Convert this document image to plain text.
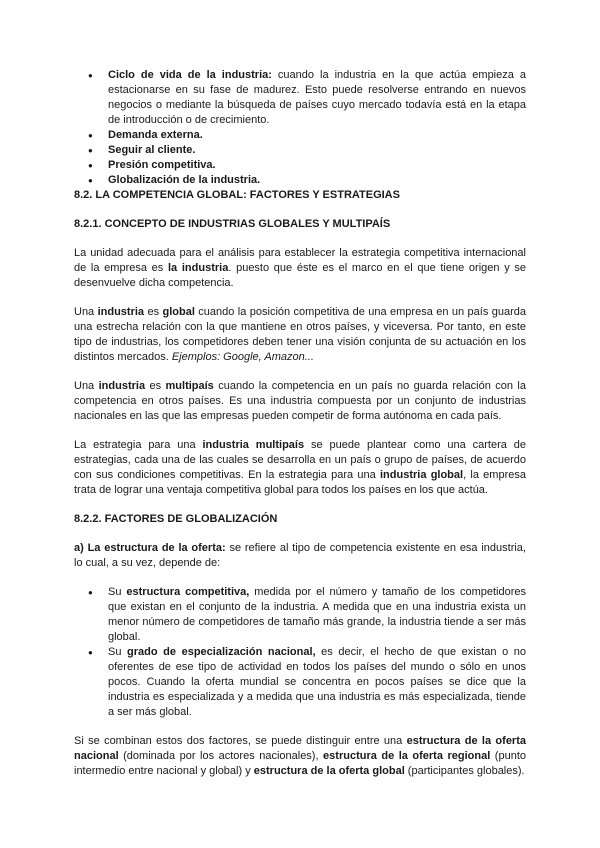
● Ciclo de vida de la industria: cuando la industria en la que actúa empieza a estacionarse en su fase de madurez. Esto puede resolverse entrando en nuevos negocios o mediante la búsqueda de países cuyo mercado todavía está en la etapa de introducción o de crecimiento.
● Demanda externa.
● Seguir al cliente.
● Presión competitiva.
● Globalización de la industria.
8.2. LA COMPETENCIA GLOBAL: FACTORES Y ESTRATEGIAS
8.2.1. CONCEPTO DE INDUSTRIAS GLOBALES Y MULTIPAÍS

La unidad adecuada para el análisis para establecer la estrategia competitiva internacional de la empresa es la industria. puesto que éste es el marco en el que tiene origen y se desenvuelve dicha competencia.

Una industria es global cuando la posición competitiva de una empresa en un país guarda una estrecha relación con la que mantiene en otros países, y viceversa. Por tanto, en este tipo de industrias, los competidores deben tener una visión conjunta de su actuación en los distintos mercados. Ejemplos: Google, Amazon...

Una industria es multipaís cuando la competencia en un país no guarda relación con la competencia en otros países. Es una industria compuesta por un conjunto de industrias nacionales en las que las empresas pueden competir de forma autónoma en cada país.

La estrategia para una industria multipaís se puede plantear como una cartera de estrategias, cada una de las cuales se desarrolla en un país o grupo de países, de acuerdo con sus condiciones competitivas. En la estrategia para una industria global, la empresa trata de lograr una ventaja competitiva global para todos los países en los que actúa.

8.2.2. FACTORES DE GLOBALIZACIÓN

a) La estructura de la oferta: se refiere al tipo de competencia existente en esa industria, lo cual, a su vez, depende de:

● Su estructura competitiva, medida por el número y tamaño de los competidores que existan en el conjunto de la industria. A medida que en una industria exista un menor número de competidores de tamaño más grande, la industria tiende a ser más global.
● Su grado de especialización nacional, es decir, el hecho de que existan o no oferentes de ese tipo de actividad en todos los países del mundo o sólo en unos pocos. Cuando la oferta mundial se concentra en pocos países se dice que la industria es especializada y a medida que una industria es más especializada, tiende a ser más global.

Si se combinan estos dos factores, se puede distinguir entre una estructura de la oferta nacional (dominada por los actores nacionales), estructura de la oferta regional (punto intermedio entre nacional y global) y estructura de la oferta global (participantes globales).
